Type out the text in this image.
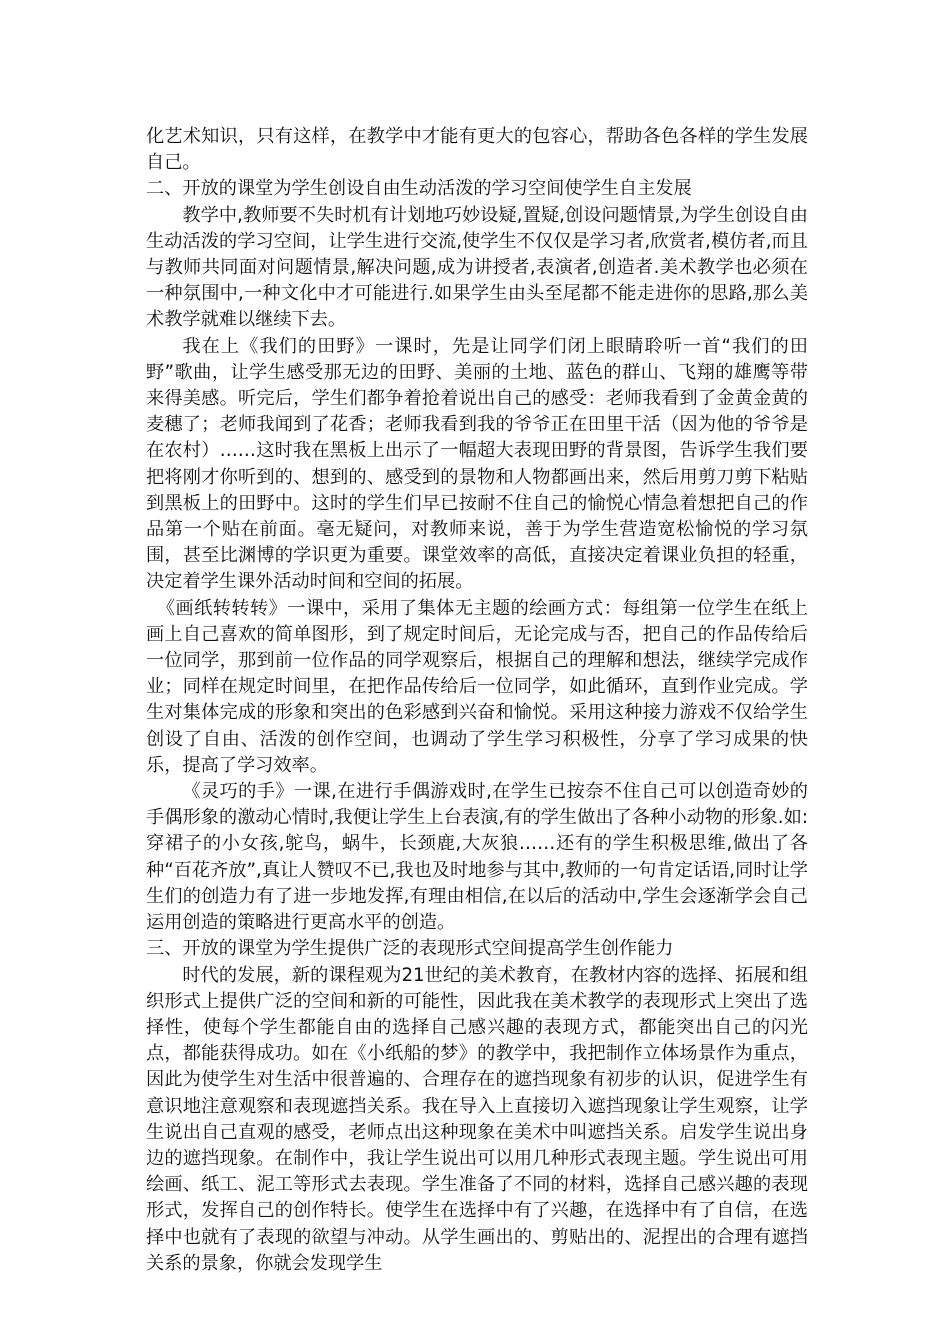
化艺术知识，只有这样，在教学中才能有更大的包容心，帮助各色各样的学生发展自己。

二、开放的课堂为学生创设自由生动活泼的学习空间使学生自主发展

教学中,教师要不失时机有计划地巧妙设疑,置疑,创设问题情景,为学生创设自由生动活泼的学习空间，让学生进行交流,使学生不仅仅是学习者,欣赏者,模仿者,而且与教师共同面对问题情景,解决问题,成为讲授者,表演者,创造者.美术教学也必须在一种氛围中,一种文化中才可能进行.如果学生由头至尾都不能走进你的思路,那么美术教学就难以继续下去。

我在上《我们的田野》一课时，先是让同学们闭上眼睛聆听一首“我们的田野”歌曲，让学生感受那无边的田野、美丽的土地、蓝色的群山、飞翔的雄鹰等带来得美感。听完后，学生们都争着抢着说出自己的感受：老师我看到了金黄金黄的麦穗了；老师我闻到了花香；老师我看到我的爷爷正在田里干活（因为他的爷爷是在农村）……这时我在黑板上出示了一幅超大表现田野的背景图，告诉学生我们要把将刚才你听到的、想到的、感受到的景物和人物都画出来，然后用剪刀剪下粘贴到黑板上的田野中。这时的学生们早已按耐不住自己的愉悦心情急着想把自己的作品第一个贴在前面。毫无疑问，对教师来说，善于为学生营造宽松愉悦的学习氛围，甚至比渊博的学识更为重要。课堂效率的高低，直接决定着课业负担的轻重，决定着学生课外活动时间和空间的拓展。

《画纸转转转》一课中，采用了集体无主题的绘画方式：每组第一位学生在纸上画上自己喜欢的简单图形，到了规定时间后，无论完成与否，把自己的作品传给后一位同学，那到前一位作品的同学观察后，根据自己的理解和想法，继续学完成作业；同样在规定时间里，在把作品传给后一位同学，如此循环，直到作业完成。学生对集体完成的形象和突出的色彩感到兴奋和愉悦。采用这种接力游戏不仅给学生创设了自由、活泼的创作空间，也调动了学生学习积极性，分享了学习成果的快乐，提高了学习效率。

《灵巧的手》一课,在进行手偶游戏时,在学生已按奈不住自己可以创造奇妙的手偶形象的激动心情时,我便让学生上台表演,有的学生做出了各种小动物的形象.如:穿裙子的小女孩,鸵鸟，蜗牛，长颈鹿,大灰狼……还有的学生积极思维,做出了各种“百花齐放”,真让人赞叹不已,我也及时地参与其中,教师的一句肯定话语,同时让学生们的创造力有了进一步地发挥,有理由相信,在以后的活动中,学生会逐渐学会自己运用创造的策略进行更高水平的创造。

三、开放的课堂为学生提供广泛的表现形式空间提高学生创作能力

时代的发展，新的课程观为21世纪的美术教育，在教材内容的选择、拓展和组织形式上提供广泛的空间和新的可能性，因此我在美术教学的表现形式上突出了选择性，使每个学生都能自由的选择自己感兴趣的表现方式，都能突出自己的闪光点，都能获得成功。如在《小纸船的梦》的教学中，我把制作立体场景作为重点，因此为使学生对生活中很普遍的、合理存在的遮挡现象有初步的认识，促进学生有意识地注意观察和表现遮挡关系。我在导入上直接切入遮挡现象让学生观察，让学生说出自己直观的感受，老师点出这种现象在美术中叫遮挡关系。启发学生说出身边的遮挡现象。在制作中，我让学生说出可以用几种形式表现主题。学生说出可用绘画、纸工、泥工等形式去表现。学生准备了不同的材料，选择自己感兴趣的表现形式，发挥自己的创作特长。使学生在选择中有了兴趣，在选择中有了自信，在选择中也就有了表现的欲望与冲动。从学生画出的、剪贴出的、泥捏出的合理有遮挡关系的景象，你就会发现学生
